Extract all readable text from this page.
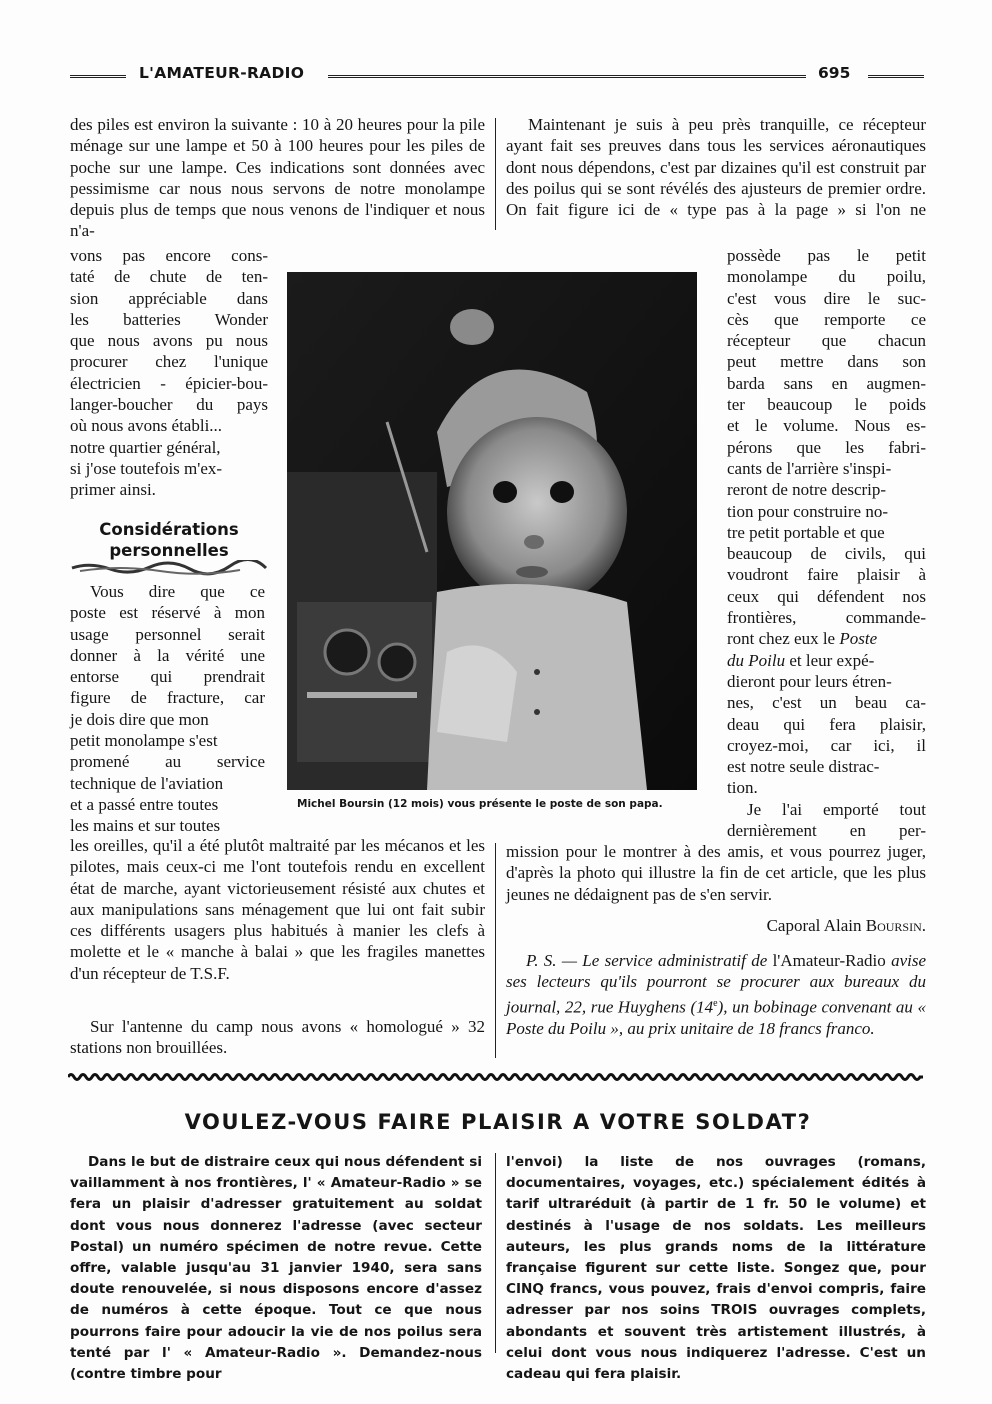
L'AMATEUR-RADIO	695

des piles est environ la suivante : 10 à 20 heures pour la pile ménage sur une lampe et 50 à 100 heures pour les piles de poche sur une lampe. Ces indications sont données avec pessimisme car nous nous servons de notre monolampe depuis plus de temps que nous venons de l'indiquer et nous n'a-

vons pas encore cons-
taté de chute de ten-
sion appréciable dans
les batteries Wonder
que nous avons pu nous
procurer chez l'unique
électricien - épicier-bou-
langer-boucher du pays
où nous avons établi...
notre quartier général,
si j'ose toutefois m'ex-
primer ainsi.
Considérations
personnelles
Vous dire que ce
poste est réservé à mon
usage personnel serait
donner à la vérité une
entorse qui prendrait
figure de fracture, car
je dois dire que mon
petit monolampe s'est
promené au service
technique de l'aviation
et a passé entre toutes
les mains et sur toutes

les oreilles, qu'il a été plutôt maltraité par les mécanos et les pilotes, mais ceux-ci me l'ont toutefois rendu en excellent état de marche, ayant victorieusement résisté aux chutes et aux manipulations sans ménagement que lui ont fait subir ces différents usagers plus habitués à manier les clefs à molette et le « manche à balai » que les fragiles manettes d'un récepteur de T.S.F.

Sur l'antenne du camp nous avons « homologué » 32 stations non brouillées.

Maintenant je suis à peu près tranquille, ce récepteur ayant fait ses preuves dans tous les services aéronautiques dont nous dépendons, c'est par dizaines qu'il est construit par des poilus qui se sont révélés des ajusteurs de premier ordre. On fait figure ici de « type pas à la page » si l'on ne

possède pas le petit
monolampe du poilu,
c'est vous dire le suc-
cès que remporte ce
récepteur que chacun
peut mettre dans son
barda sans en augmen-
ter beaucoup le poids
et le volume. Nous es-
pérons que les fabri-
cants de l'arrière s'inspi-
reront de notre descrip-
tion pour construire no-
tre petit portable et que
beaucoup de civils, qui
voudront faire plaisir à
ceux qui défendent nos
frontières, commande-
ront chez eux le Poste
du Poilu et leur expé-
dieront pour leurs étren-
nes, c'est un beau ca-
deau qui fera plaisir,
croyez-moi, car ici, il
est notre seule distrac-
tion.
Je l'ai emporté tout
dernièrement en per-

mission pour le montrer à des amis, et vous pourrez juger, d'après la photo qui illustre la fin de cet article, que les plus jeunes ne dédaignent pas de s'en servir.

Caporal Alain Boursin.

P. S. — Le service administratif de l'Amateur-Radio avise ses lecteurs qu'ils pourront se procurer aux bureaux du journal, 22, rue Huyghens (14e), un bobinage convenant au « Poste du Poilu », au prix unitaire de 18 francs franco.

Michel Boursin (12 mois) vous présente le poste de son papa.
VOULEZ-VOUS FAIRE PLAISIR A VOTRE SOLDAT?

Dans le but de distraire ceux qui nous défendent si vaillamment à nos frontières, l' « Amateur-Radio » se fera un plaisir d'adresser gratuitement au soldat dont vous nous donnerez l'adresse (avec secteur Postal) un numéro spécimen de notre revue. Cette offre, valable jusqu'au 31 janvier 1940, sera sans doute renouvelée, si nous disposons encore d'assez de numéros à cette époque. Tout ce que nous pourrons faire pour adoucir la vie de nos poilus sera tenté par l' « Amateur-Radio ». Demandez-nous (contre timbre pour

l'envoi) la liste de nos ouvrages (romans, documentaires, voyages, etc.) spécialement édités à tarif ultraréduit (à partir de 1 fr. 50 le volume) et destinés à l'usage de nos soldats. Les meilleurs auteurs, les plus grands noms de la littérature française figurent sur cette liste. Songez que, pour CINQ francs, vous pouvez, frais d'envoi compris, faire adresser par nos soins TROIS ouvrages complets, abondants et souvent très artistement illustrés, à celui dont vous nous indiquerez l'adresse. C'est un cadeau qui fera plaisir.
